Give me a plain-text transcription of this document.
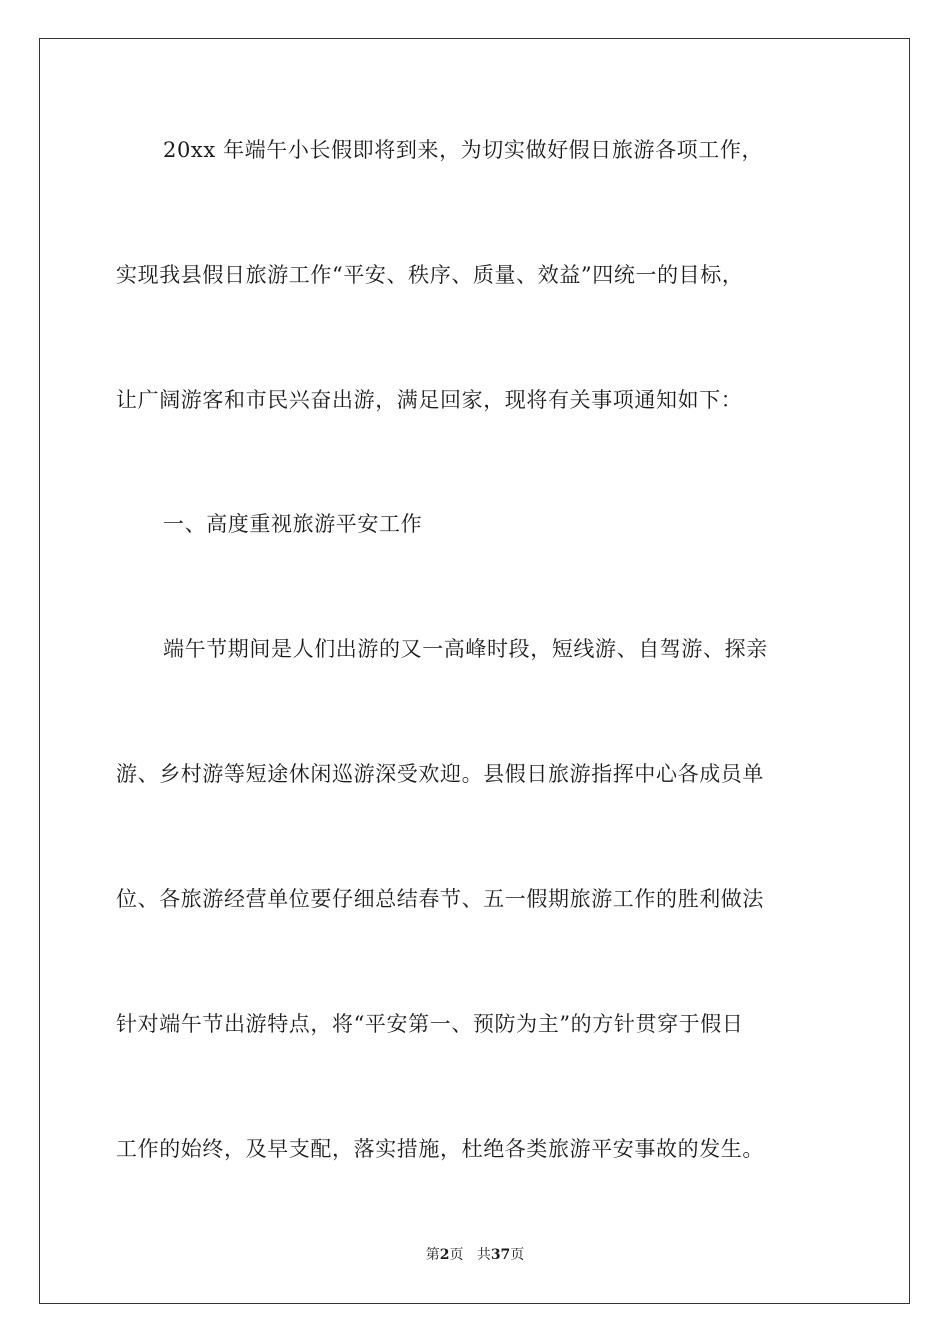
20xx 年端午小长假即将到来，为切实做好假日旅游各项工作，
实现我县假日旅游工作“平安、秩序、质量、效益”四统一的目标，
让广阔游客和市民兴奋出游，满足回家，现将有关事项通知如下：
一、高度重视旅游平安工作
端午节期间是人们出游的又一高峰时段，短线游、自驾游、探亲
游、乡村游等短途休闲巡游深受欢迎。县假日旅游指挥中心各成员单
位、各旅游经营单位要仔细总结春节、五一假期旅游工作的胜利做法
针对端午节出游特点，将“平安第一、预防为主”的方针贯穿于假日
工作的始终，及早支配，落实措施，杜绝各类旅游平安事故的发生。
第2页 共37页
